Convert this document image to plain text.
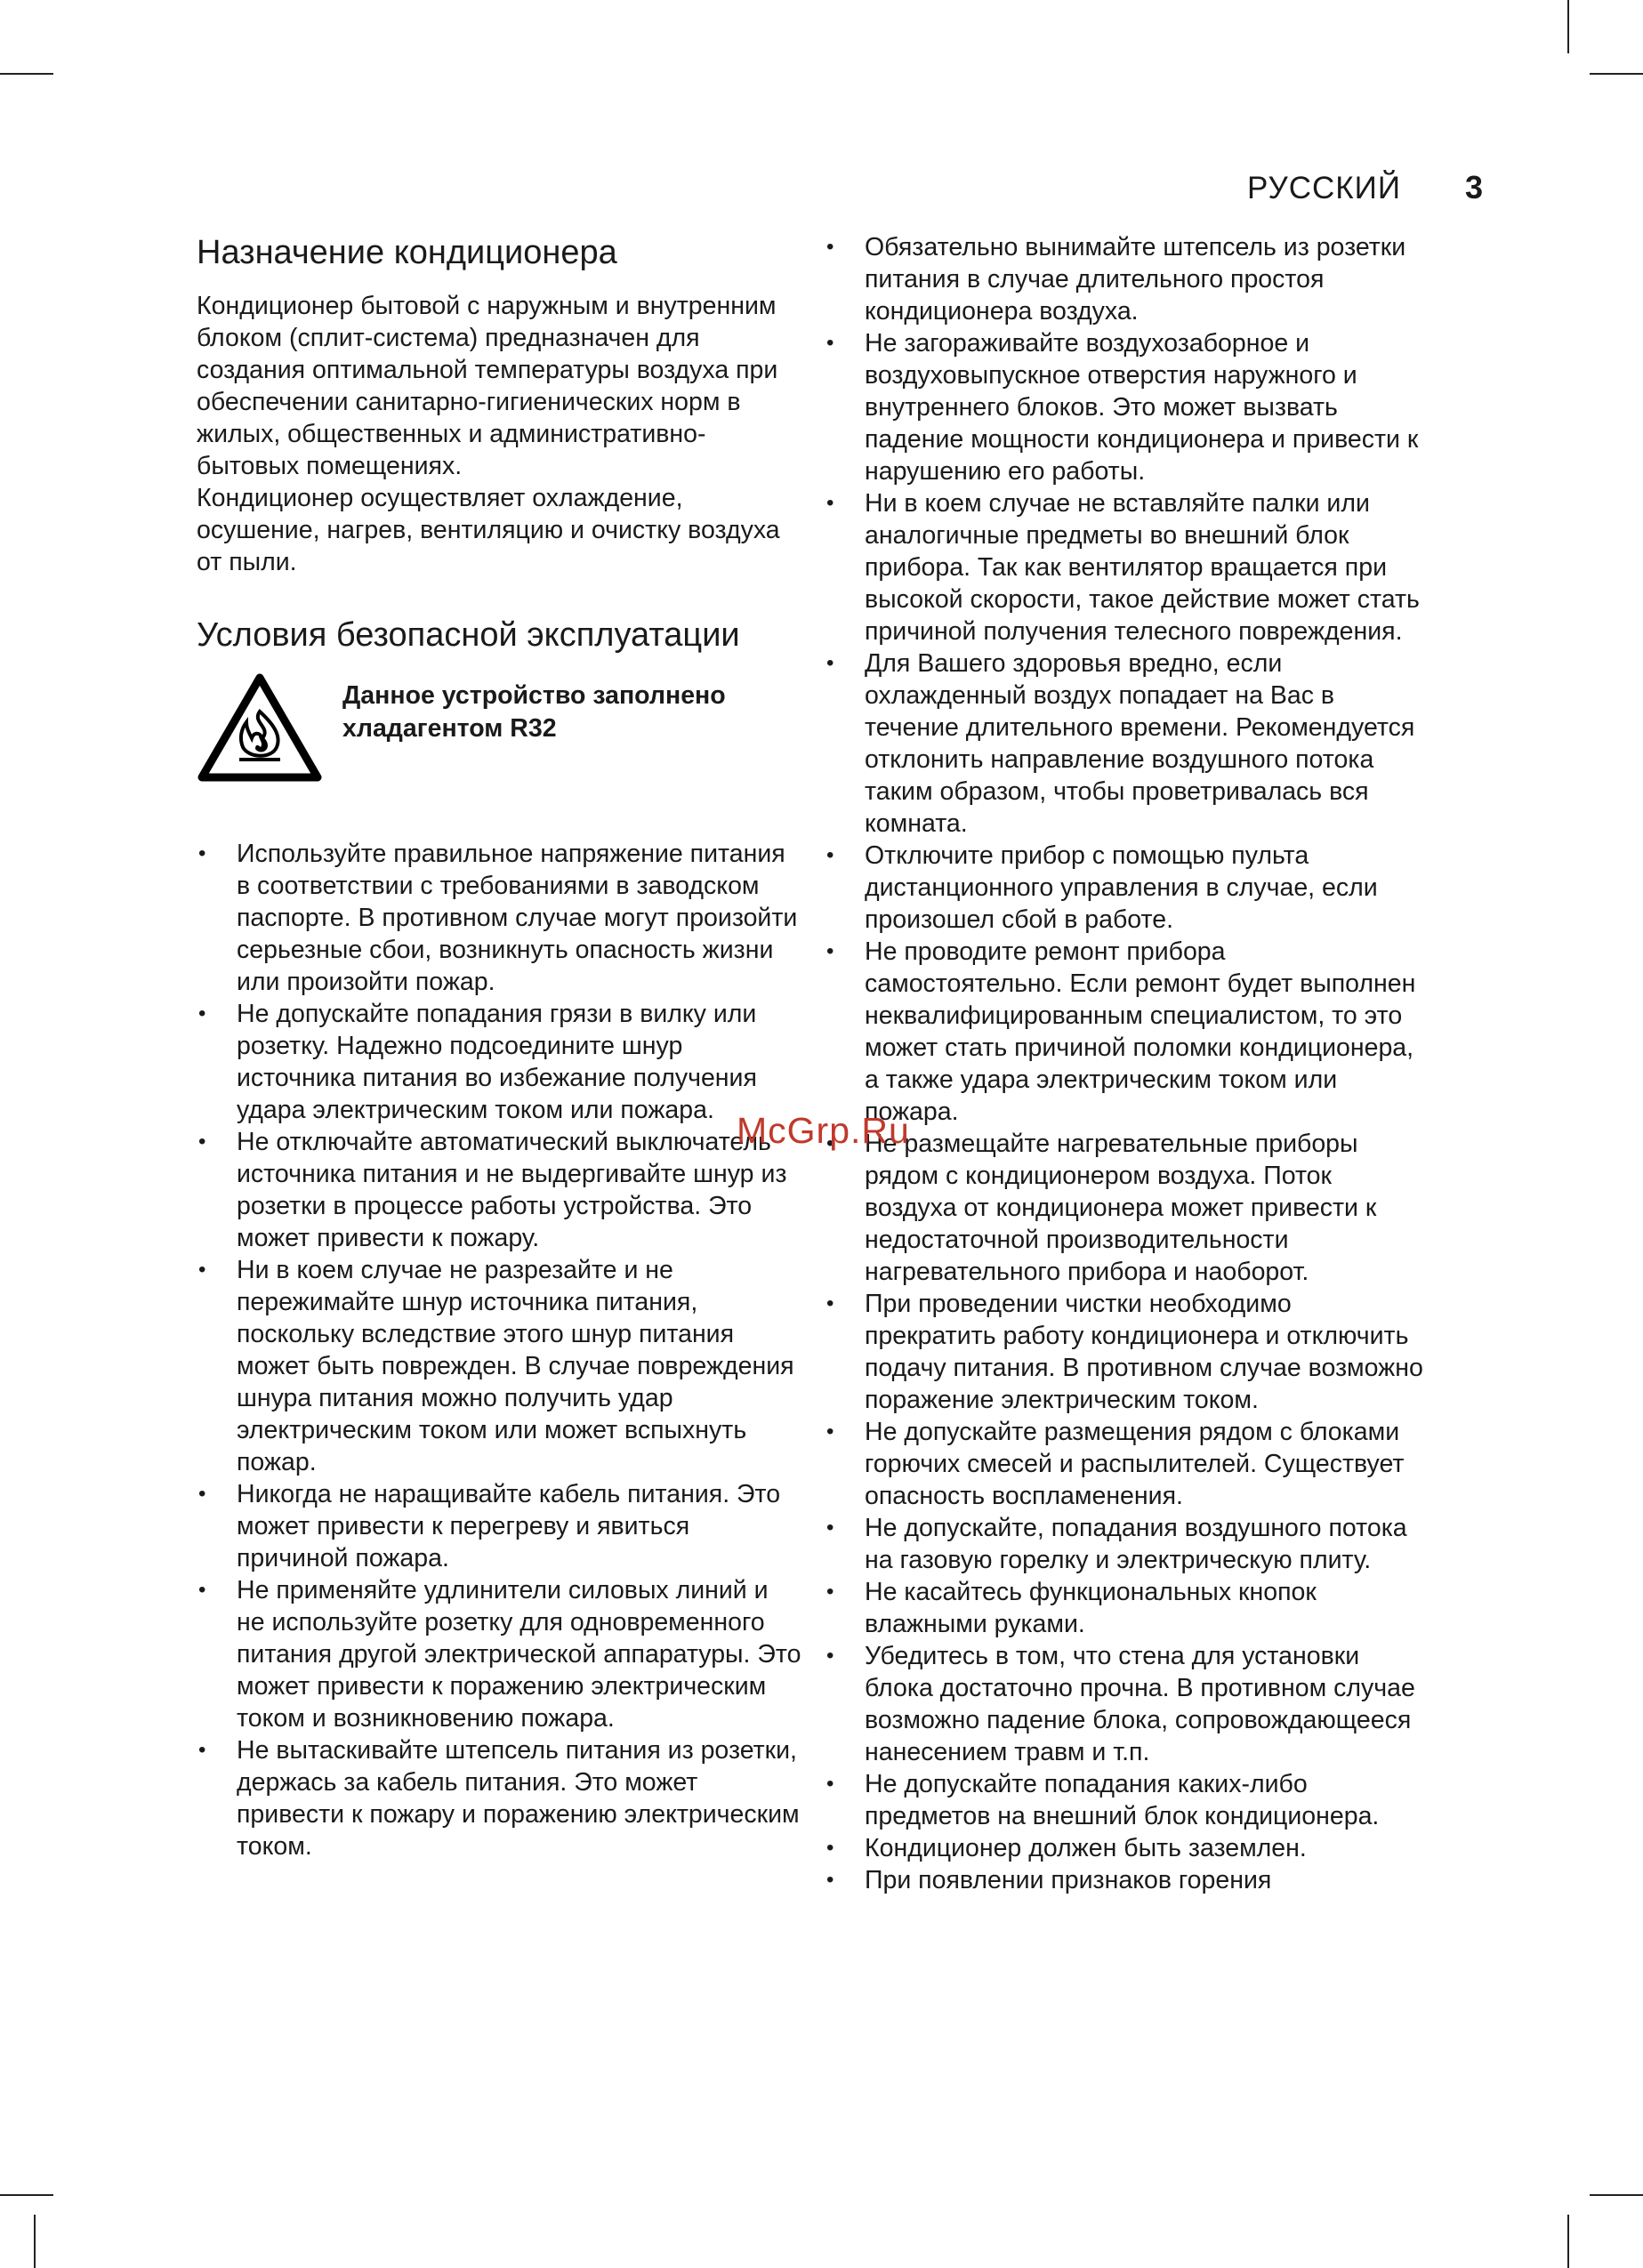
РУССКИЙ 3
Назначение кондиционера

Кондиционер бытовой с наружным и внутренним блоком (сплит-система) предназначен для создания оптимальной температуры воздуха при обеспечении санитарно-гигиенических норм в жилых, общественных и административно-бытовых помещениях.

Кондиционер осуществляет охлаждение, осушение, нагрев, вентиляцию и очистку воздуха от пыли.

Условия безопасной эксплуатации
Данное устройство заполнено хладагентом R32
• Используйте правильное напряжение питания в соответствии с требованиями в заводском паспорте. В противном случае могут произойти серьезные сбои, возникнуть опасность жизни или произойти пожар.
• Не допускайте попадания грязи в вилку или розетку. Надежно подсоедините шнур источника питания во избежание получения удара электрическим током или пожара.
• Не отключайте автоматический выключатель источника питания и не выдергивайте шнур из розетки в процессе работы устройства. Это может привести к пожару.
• Ни в коем случае не разрезайте и не пережимайте шнур источника питания, поскольку вследствие этого шнур питания может быть поврежден. В случае повреждения шнура питания можно получить удар электрическим током или может вспыхнуть пожар.
• Никогда не наращивайте кабель питания. Это может привести к перегреву и явиться причиной пожара.
• Не применяйте удлинители силовых линий и не используйте розетку для одновременного питания другой электрической аппаратуры. Это может привести к поражению электрическим током и возникновению пожара.
• Не вытаскивайте штепсель питания из розетки, держась за кабель питания. Это может привести к пожару и поражению электрическим током.
• Обязательно вынимайте штепсель из розетки питания в случае длительного простоя кондиционера воздуха.
• Не загораживайте воздухозаборное и воздуховыпускное отверстия наружного и внутреннего блоков. Это может вызвать падение мощности кондиционера и привести к нарушению его работы.
• Ни в коем случае не вставляйте палки или аналогичные предметы во внешний блок прибора. Так как вентилятор вращается при высокой скорости, такое действие может стать причиной получения телесного повреждения.
• Для Вашего здоровья вредно, если охлажденный воздух попадает на Вас в течение длительного времени. Рекомендуется отклонить направление воздушного потока таким образом, чтобы проветривалась вся комната.
• Отключите прибор с помощью пульта дистанционного управления в случае, если произошел сбой в работе.
• Не проводите ремонт прибора самостоятельно. Если ремонт будет выполнен неквалифицированным специалистом, то это может стать причиной поломки кондиционера, а также удара электрическим током или пожара.
• Не размещайте нагревательные приборы рядом с кондиционером воздуха. Поток воздуха от кондиционера может привести к недостаточной производительности нагревательного прибора и наоборот.
• При проведении чистки необходимо прекратить работу кондиционера и отключить подачу питания. В противном случае возможно поражение электрическим током.
• Не допускайте размещения рядом с блоками горючих смесей и распылителей. Существует опасность воспламенения.
• Не допускайте, попадания воздушного потока на газовую горелку и электрическую плиту.
• Не касайтесь функциональных кнопок влажными руками.
• Убедитесь в том, что стена для установки блока достаточно прочна. В противном случае возможно падение блока, сопровождающееся нанесением травм и т.п.
• Не допускайте попадания каких-либо предметов на внешний блок кондиционера.
• Кондиционер должен быть заземлен.
• При появлении признаков горения
McGrp.Ru
